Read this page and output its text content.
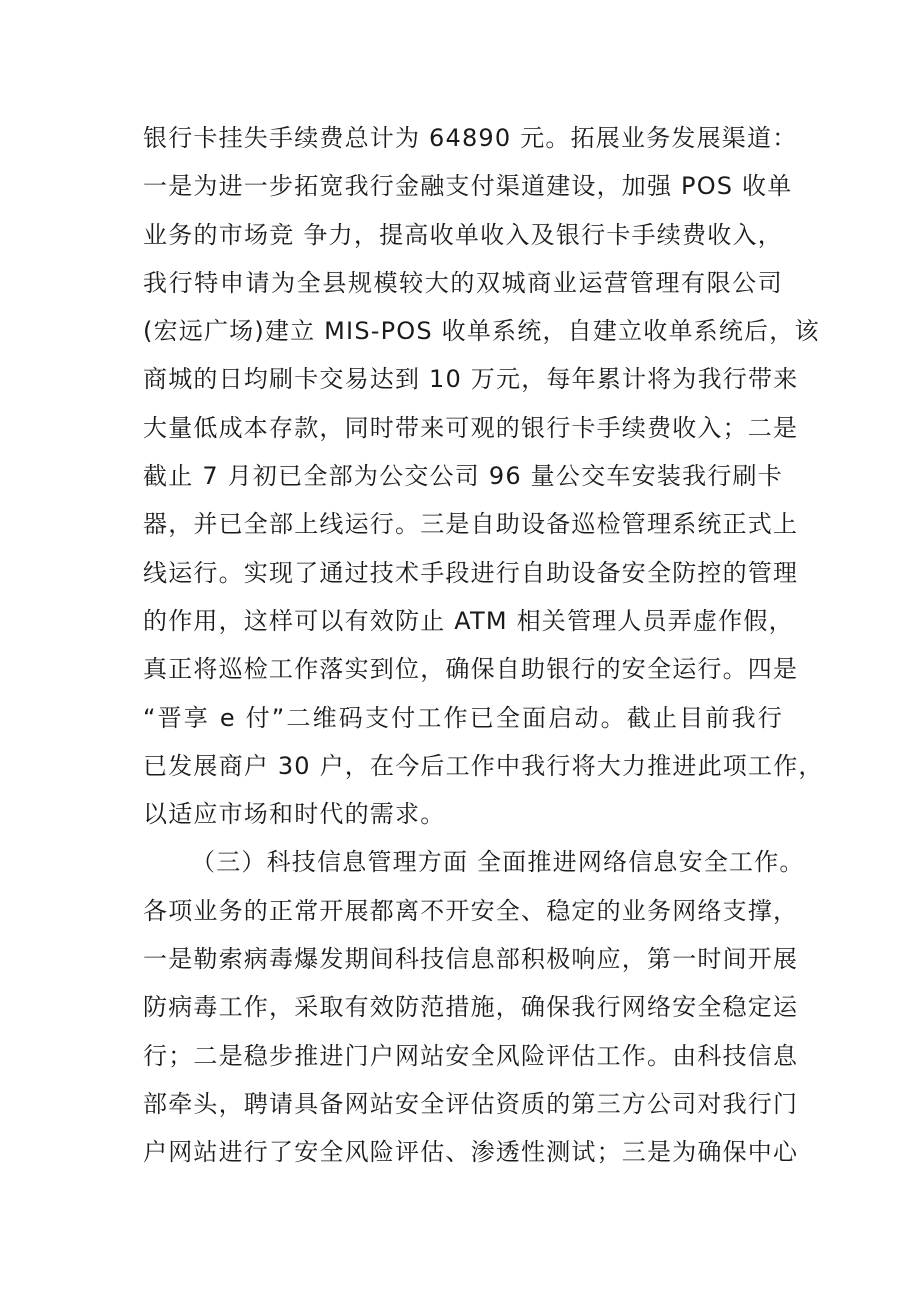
银行卡挂失手续费总计为 64890 元。拓展业务发展渠道：
一是为进一步拓宽我行金融支付渠道建设，加强 POS 收单
业务的市场竞 争力，提高收单收入及银行卡手续费收入，
我行特申请为全县规模较大的双城商业运营管理有限公司
(宏远广场)建立 MIS-POS 收单系统，自建立收单系统后，该
商城的日均刷卡交易达到 10 万元，每年累计将为我行带来
大量低成本存款，同时带来可观的银行卡手续费收入；二是
截止 7 月初已全部为公交公司 96 量公交车安装我行刷卡
器，并已全部上线运行。三是自助设备巡检管理系统正式上
线运行。实现了通过技术手段进行自助设备安全防控的管理
的作用，这样可以有效防止 ATM 相关管理人员弄虚作假，
真正将巡检工作落实到位，确保自助银行的安全运行。四是
“晋享 e 付”二维码支付工作已全面启动。截止目前我行
已发展商户 30 户，在今后工作中我行将大力推进此项工作，
以适应市场和时代的需求。
（三）科技信息管理方面 全面推进网络信息安全工作。
各项业务的正常开展都离不开安全、稳定的业务网络支撑，
一是勒索病毒爆发期间科技信息部积极响应，第一时间开展
防病毒工作，采取有效防范措施，确保我行网络安全稳定运
行；二是稳步推进门户网站安全风险评估工作。由科技信息
部牵头，聘请具备网站安全评估资质的第三方公司对我行门
户网站进行了安全风险评估、渗透性测试；三是为确保中心
